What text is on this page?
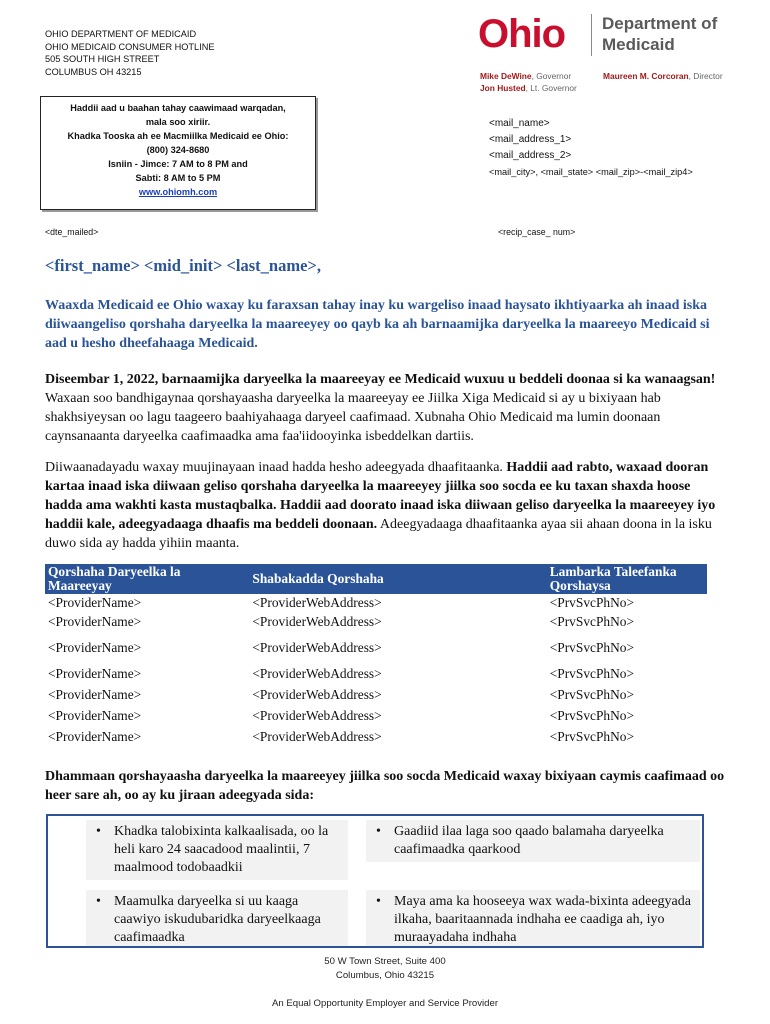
OHIO DEPARTMENT OF MEDICAID
OHIO MEDICAID CONSUMER HOTLINE
505 SOUTH HIGH STREET
COLUMBUS OH 43215
Ohio Department of
Medicaid
Mike DeWine, Governor
Jon Husted, Lt. Governor
Maureen M. Corcoran, Director
Haddii aad u baahan tahay caawimaad warqadan,
mala soo xiriir.
Khadka Tooska ah ee Macmiilka Medicaid ee Ohio:
(800) 324-8680
Isniin - Jimce: 7 AM to 8 PM and
Sabti: 8 AM to 5 PM
www.ohiomh.com
<mail_name>
<mail_address_1>
<mail_address_2>
<mail_city>, <mail_state> <mail_zip>-<mail_zip4>
<dte_mailed>	<recip_case_ num>
<first_name> <mid_init> <last_name>,
Waaxda Medicaid ee Ohio waxay ku faraxsan tahay inay ku wargeliso inaad haysato ikhtiyaarka ah inaad iska diiwaangeliso qorshaha daryeelka la maareeyey oo qayb ka ah barnaamijka daryeelka la maareeyo Medicaid si aad u hesho dheefahaaga Medicaid.
Diseembar 1, 2022, barnaamijka daryeelka la maareeyay ee Medicaid wuxuu u beddeli doonaa si ka wanaagsan! Waxaan soo bandhigaynaa qorshayaasha daryeelka la maareeyay ee Jiilka Xiga Medicaid si ay u bixiyaan hab shakhsiyeysan oo lagu taageero baahiyahaaga daryeel caafimaad. Xubnaha Ohio Medicaid ma lumin doonaan caynsanaanta daryeelka caafimaadka ama faa'iidooyinka isbeddelkan dartiis.
Diiwaanadayadu waxay muujinayaan inaad hadda hesho adeegyada dhaafitaanka. Haddii aad rabto, waxaad dooran kartaa inaad iska diiwaan geliso qorshaha daryeelka la maareeyey jiilka soo socda ee ku taxan shaxda hoose hadda ama wakhti kasta mustaqbalka. Haddii aad doorato inaad iska diiwaan geliso daryeelka la maareeyey iyo haddii kale, adeegyadaaga dhaafis ma beddeli doonaan. Adeegyadaaga dhaafitaanka ayaa sii ahaan doona in la isku duwo sida ay hadda yihiin maanta.
Qorshaha Daryeelka la Maareeyay	Shabakadda Qorshaha	Lambarka Taleefanka Qorshaysa
<ProviderName>	<ProviderWebAddress>	<PrvSvcPhNo>
<ProviderName>	<ProviderWebAddress>	<PrvSvcPhNo>
<ProviderName>	<ProviderWebAddress>	<PrvSvcPhNo>
<ProviderName>	<ProviderWebAddress>	<PrvSvcPhNo>
<ProviderName>	<ProviderWebAddress>	<PrvSvcPhNo>
<ProviderName>	<ProviderWebAddress>	<PrvSvcPhNo>
<ProviderName>	<ProviderWebAddress>	<PrvSvcPhNo>
Dhammaan qorshayaasha daryeelka la maareeyey jiilka soo socda Medicaid waxay bixiyaan caymis caafimaad oo heer sare ah, oo ay ku jiraan adeegyada sida:
• Khadka talobixinta kalkaalisada, oo la heli karo 24 saacadood maalintii, 7 maalmood todobaadkii
• Gaadiid ilaa laga soo qaado balamaha daryeelka caafimaadka qaarkood
• Maamulka daryeelka si uu kaaga caawiyo iskudubaridka daryeelkaaga caafimaadka
• Maya ama ka hooseeya wax wada-bixinta adeegyada ilkaha, baaritaannada indhaha ee caadiga ah, iyo muraayadaha indhaha
50 W Town Street, Suite 400
Columbus, Ohio 43215
An Equal Opportunity Employer and Service Provider
